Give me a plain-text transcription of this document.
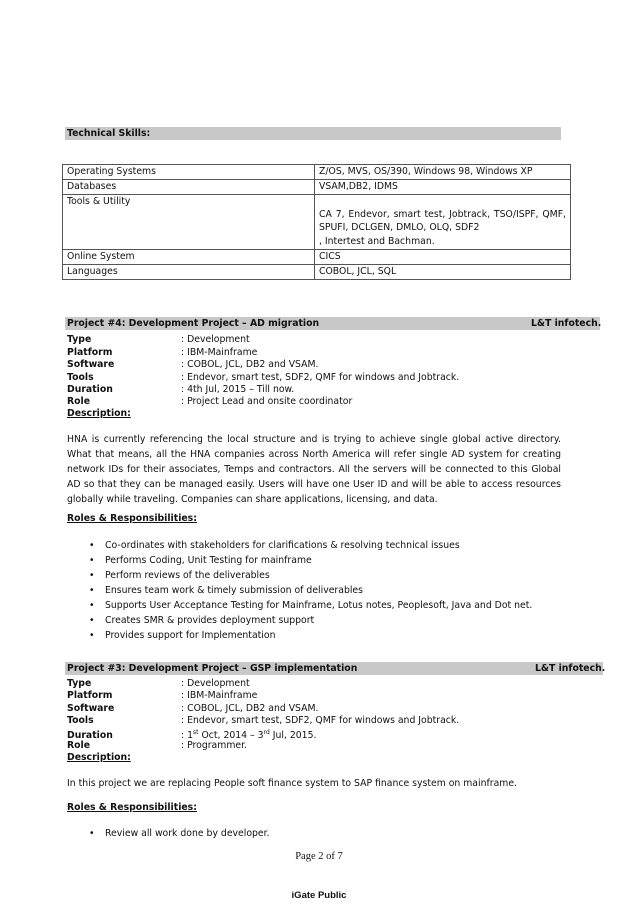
Technical Skills:
Operating Systems	Z/OS, MVS, OS/390, Windows 98, Windows XP
Databases	VSAM,DB2, IDMS
Tools & Utility	CA 7, Endevor, smart test, Jobtrack, TSO/ISPF, QMF, SPUFI, DCLGEN, DMLO, OLQ, SDF2
, Intertest and Bachman.

Online System	CICS
Languages	COBOL, JCL, SQL
Project #4: Development Project – AD migration	L&T infotech.
Type	: Development
Platform	: IBM-Mainframe
Software	: COBOL, JCL, DB2 and VSAM.
Tools	: Endevor, smart test, SDF2, QMF for windows and Jobtrack.
Duration	: 4th Jul, 2015 – Till now.
Role	: Project Lead and onsite coordinator
Description:
HNA is currently referencing the local structure and is trying to achieve single global active directory. What that means, all the HNA companies across North America will refer single AD system for creating network IDs for their associates, Temps and contractors. All the servers will be connected to this Global AD so that they can be managed easily. Users will have one User ID and will be able to access resources globally while traveling. Companies can share applications, licensing, and data.
Roles & Responsibilities:
• Co-ordinates with stakeholders for clarifications & resolving technical issues
• Performs Coding, Unit Testing for mainframe
• Perform reviews of the deliverables
• Ensures team work & timely submission of deliverables
• Supports User Acceptance Testing for Mainframe, Lotus notes, Peoplesoft, Java and Dot net.
• Creates SMR & provides deployment support
• Provides support for Implementation
Project #3: Development Project – GSP implementation	L&T infotech.
Type	: Development
Platform	: IBM-Mainframe
Software	: COBOL, JCL, DB2 and VSAM.
Tools	: Endevor, smart test, SDF2, QMF for windows and Jobtrack.
Duration	: 1st Oct, 2014 – 3rd Jul, 2015.
Role	: Programmer.
Description:
In this project we are replacing People soft finance system to SAP finance system on mainframe.
Roles & Responsibilities:
• Review all work done by developer.
Page 2 of 7
iGate Public
